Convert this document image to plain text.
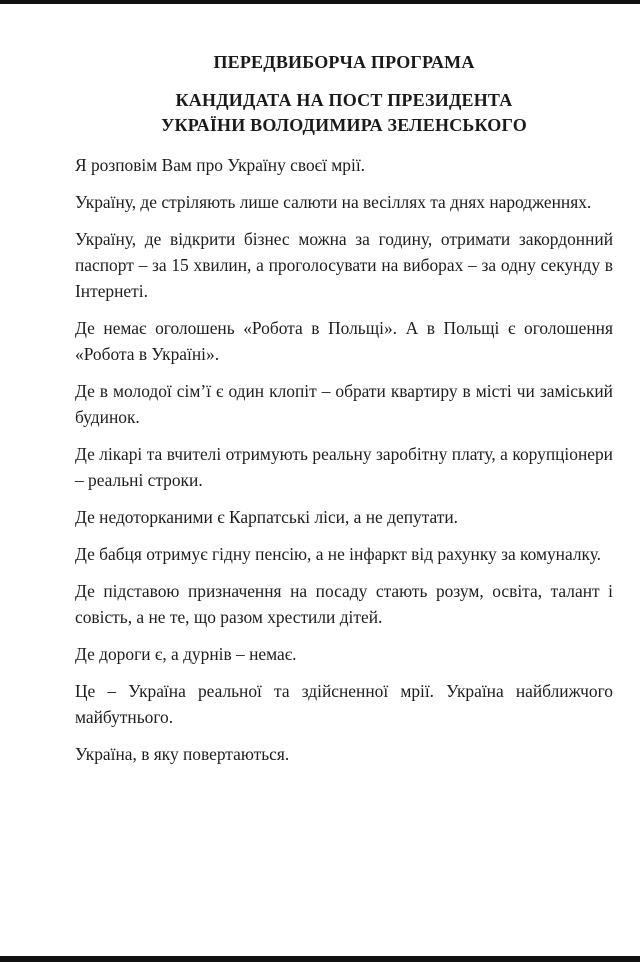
ПЕРЕДВИБОРЧА ПРОГРАМА
КАНДИДАТА НА ПОСТ ПРЕЗИДЕНТА
УКРАЇНИ ВОЛОДИМИРА ЗЕЛЕНСЬКОГО

Я розповім Вам про Україну своєї мрії.

Україну, де стріляють лише салюти на весіллях та днях народженнях.

Україну, де відкрити бізнес можна за годину, отримати закордонний паспорт – за 15 хвилин, а проголосувати на виборах – за одну секунду в Інтернеті.

Де немає оголошень «Робота в Польщі». А в Польщі є оголошення «Робота в Україні».

Де в молодої сім’ї є один клопіт – обрати квартиру в місті чи заміський будинок.

Де лікарі та вчителі отримують реальну заробітну плату, а корупціонери – реальні строки.

Де недоторканими є Карпатські ліси, а не депутати.

Де бабця отримує гідну пенсію, а не інфаркт від рахунку за комуналку.

Де підставою призначення на посаду стають розум, освіта, талант і совість, а не те, що разом хрестили дітей.

Де дороги є, а дурнів – немає.

Це – Україна реальної та здійсненної мрії. Україна найближчого майбутнього.

Україна, в яку повертаються.
